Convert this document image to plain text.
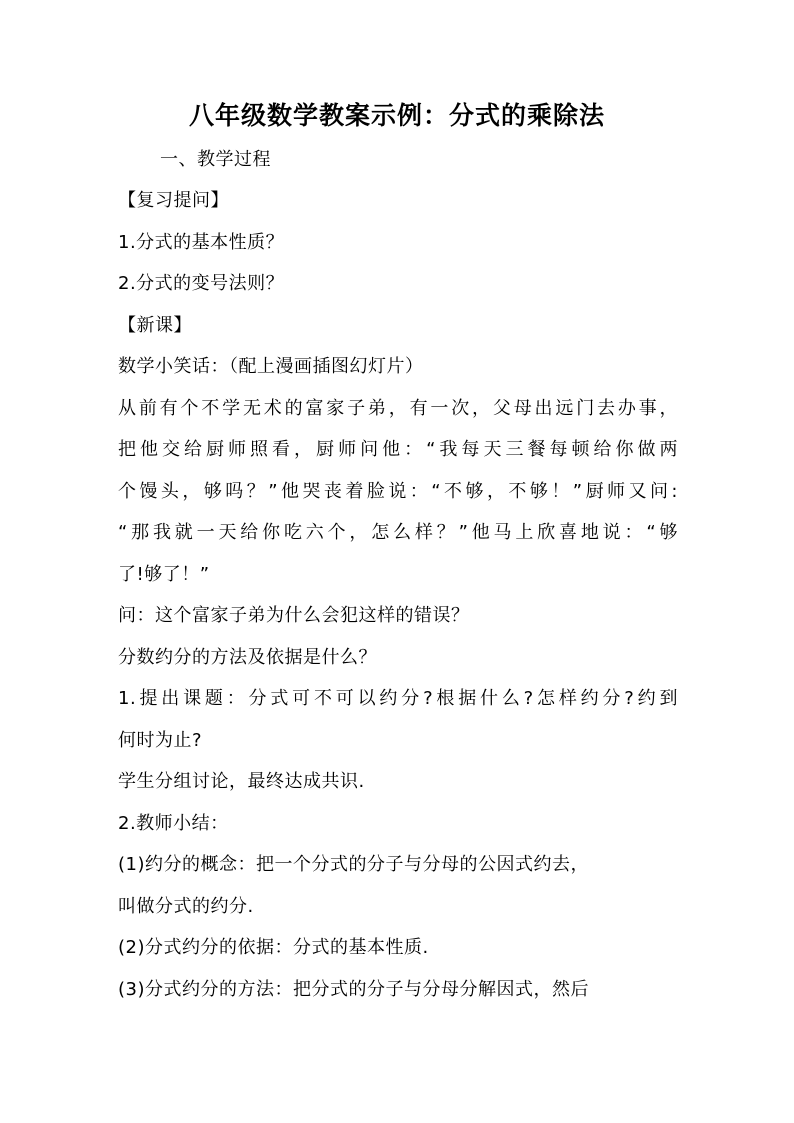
八年级数学教案示例：分式的乘除法
一、教学过程
【复习提问】
1.分式的基本性质？
2.分式的变号法则？
【新课】
数学小笑话：（配上漫画插图幻灯片）
从前有个不学无术的富家子弟，有一次，父母出远门去办事，
把他交给厨师照看，厨师问他：“我每天三餐每顿给你做两
个馒头，够吗？”他哭丧着脸说：“不够，不够！”厨师又问:
“那我就一天给你吃六个，怎么样？”他马上欣喜地说：“够
了!够了！”
问：这个富家子弟为什么会犯这样的错误？
分数约分的方法及依据是什么？
1.提出课题：分式可不可以约分?根据什么?怎样约分?约到
何时为止?
学生分组讨论，最终达成共识.
2.教师小结：
(1)约分的概念：把一个分式的分子与分母的公因式约去，
叫做分式的约分.
(2)分式约分的依据：分式的基本性质.
(3)分式约分的方法：把分式的分子与分母分解因式，然后
